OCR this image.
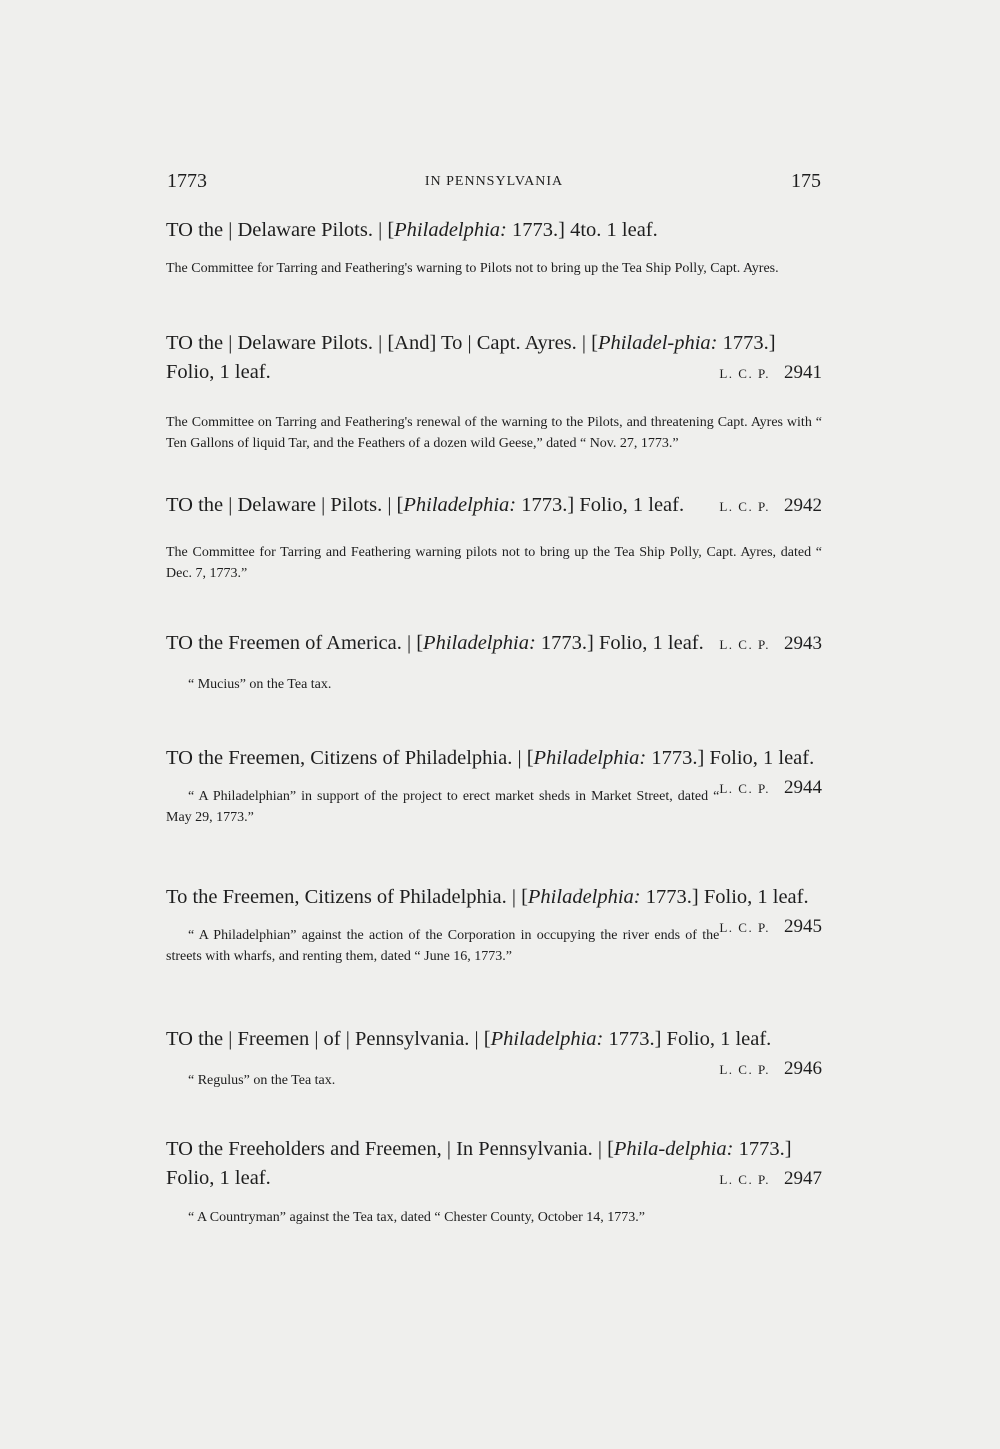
1773	IN PENNSYLVANIA	175
TO the | Delaware Pilots. | [Philadelphia: 1773.] 4to. 1 leaf.
The Committee for Tarring and Feathering's warning to Pilots not to bring up the Tea Ship Polly, Capt. Ayres.
TO the | Delaware Pilots. | [And] To | Capt. Ayres. | [Philadel-phia: 1773.] Folio, 1 leaf.	L. C. P. 2941
The Committee on Tarring and Feathering's renewal of the warning to the Pilots, and threatening Capt. Ayres with “ Ten Gallons of liquid Tar, and the Feathers of a dozen wild Geese,” dated “ Nov. 27, 1773.”
TO the | Delaware | Pilots. | [Philadelphia: 1773.] Folio, 1 leaf.	L. C. P. 2942
The Committee for Tarring and Feathering warning pilots not to bring up the Tea Ship Polly, Capt. Ayres, dated “ Dec. 7, 1773.”
TO the Freemen of America. | [Philadelphia: 1773.] Folio, 1 leaf. L. C. P. 2943
“ Mucius” on the Tea tax.
TO the Freemen, Citizens of Philadelphia. | [Philadelphia: 1773.] Folio, 1 leaf.
L. C. P. 2944
“ A Philadelphian” in support of the project to erect market sheds in Market Street, dated “ May 29, 1773.”
To the Freemen, Citizens of Philadelphia. | [Philadelphia: 1773.] Folio, 1 leaf.
L. C. P. 2945
“ A Philadelphian” against the action of the Corporation in occupying the river ends of the streets with wharfs, and renting them, dated “ June 16, 1773.”
TO the | Freemen | of | Pennsylvania. | [Philadelphia: 1773.] Folio, 1 leaf.
L. C. P. 2946
“ Regulus” on the Tea tax.
TO the Freeholders and Freemen, | In Pennsylvania. | [Phila-delphia: 1773.] Folio, 1 leaf.	L. C. P. 2947
“ A Countryman” against the Tea tax, dated “ Chester County, October 14, 1773.”
